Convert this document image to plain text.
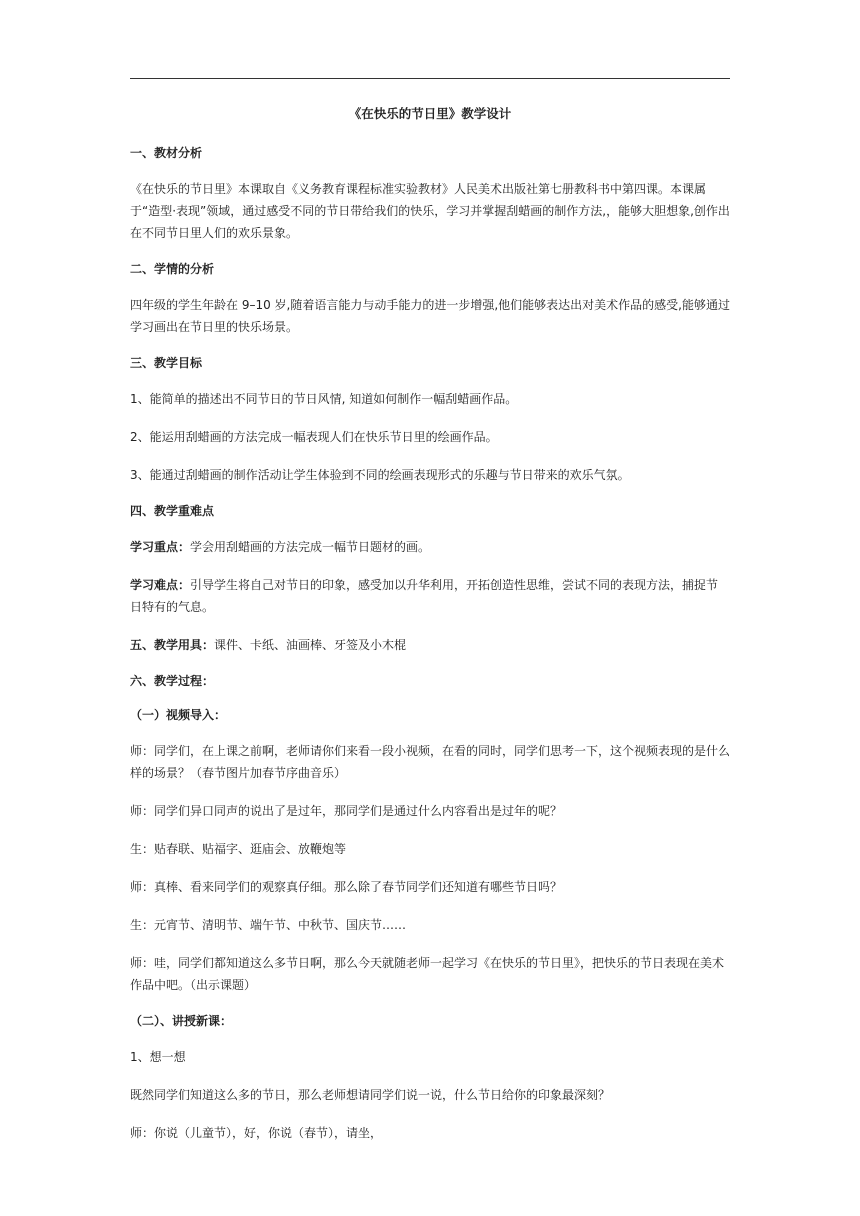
《在快乐的节日里》教学设计
一、教材分析
《在快乐的节日里》本课取自《义务教育课程标准实验教材》人民美术出版社第七册教科书中第四课。本课属于“造型·表现”领域，通过感受不同的节日带给我们的快乐，学习并掌握刮蜡画的制作方法,，能够大胆想象,创作出在不同节日里人们的欢乐景象。
二、学情的分析
四年级的学生年龄在 9–10 岁,随着语言能力与动手能力的进一步增强,他们能够表达出对美术作品的感受,能够通过学习画出在节日里的快乐场景。
三、教学目标
1、能简单的描述出不同节日的节日风情, 知道如何制作一幅刮蜡画作品。
2、能运用刮蜡画的方法完成一幅表现人们在快乐节日里的绘画作品。
3、能通过刮蜡画的制作活动让学生体验到不同的绘画表现形式的乐趣与节日带来的欢乐气氛。
四、教学重难点
学习重点：学会用刮蜡画的方法完成一幅节日题材的画。
学习难点：引导学生将自己对节日的印象，感受加以升华利用，开拓创造性思维，尝试不同的表现方法，捕捉节日特有的气息。
五、教学用具：课件、卡纸、油画棒、牙签及小木棍
六、教学过程：
（一）视频导入：
师：同学们，在上课之前啊，老师请你们来看一段小视频，在看的同时，同学们思考一下，这个视频表现的是什么样的场景？（春节图片加春节序曲音乐）
师：同学们异口同声的说出了是过年，那同学们是通过什么内容看出是过年的呢？
生：贴春联、贴福字、逛庙会、放鞭炮等
师：真棒、看来同学们的观察真仔细。那么除了春节同学们还知道有哪些节日吗？
生：元宵节、清明节、端午节、中秋节、国庆节……
师：哇，同学们都知道这么多节日啊，那么今天就随老师一起学习《在快乐的节日里》，把快乐的节日表现在美术作品中吧。（出示课题）
（二）、讲授新课：
1、想一想
既然同学们知道这么多的节日，那么老师想请同学们说一说，什么节日给你的印象最深刻？
师：你说（儿童节），好，你说（春节），请坐，
